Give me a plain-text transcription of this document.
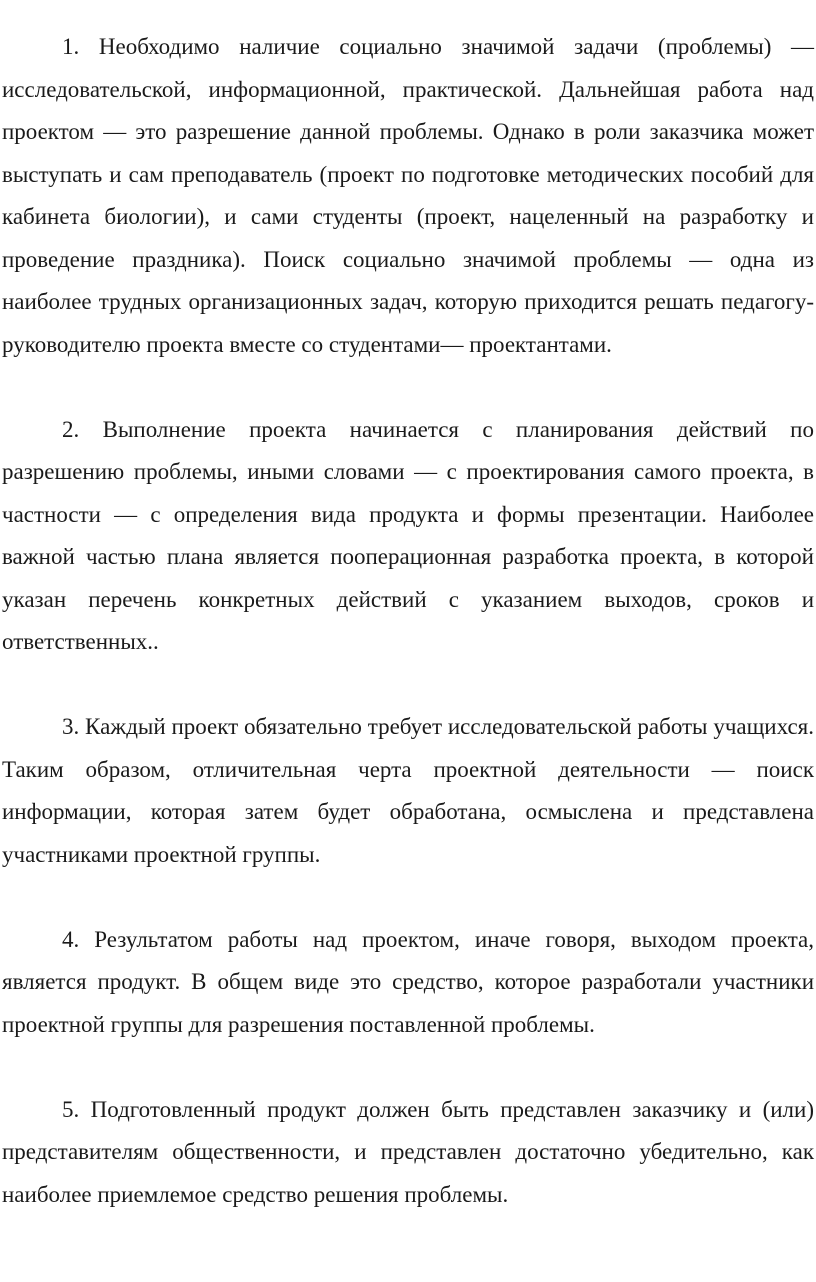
1. Необходимо наличие социально значимой задачи (проблемы) — исследовательской, информационной, практической. Дальнейшая работа над проектом — это разрешение данной проблемы. Однако в роли заказчика может выступать и сам преподаватель (проект по подготовке методических пособий для кабинета биологии), и сами студенты (проект, нацеленный на разработку и проведение праздника). Поиск социально значимой проблемы — одна из наиболее трудных организационных задач, которую приходится решать педагогу-руководителю проекта вместе со студентами— проектантами.

2. Выполнение проекта начинается с планирования действий по разрешению проблемы, иными словами — с проектирования самого проекта, в частности — с определения вида продукта и формы презентации. Наиболее важной частью плана является пооперационная разработка проекта, в которой указан перечень конкретных действий с указанием выходов, сроков и ответственных..

3. Каждый проект обязательно требует исследовательской работы учащихся. Таким образом, отличительная черта проектной деятельности — поиск информации, которая затем будет обработана, осмыслена и представлена участниками проектной группы.

4. Результатом работы над проектом, иначе говоря, выходом проекта, является продукт. В общем виде это средство, которое разработали участники проектной группы для разрешения поставленной проблемы.

5. Подготовленный продукт должен быть представлен заказчику и (или) представителям общественности, и представлен достаточно убедительно, как наиболее приемлемое средство решения проблемы.
